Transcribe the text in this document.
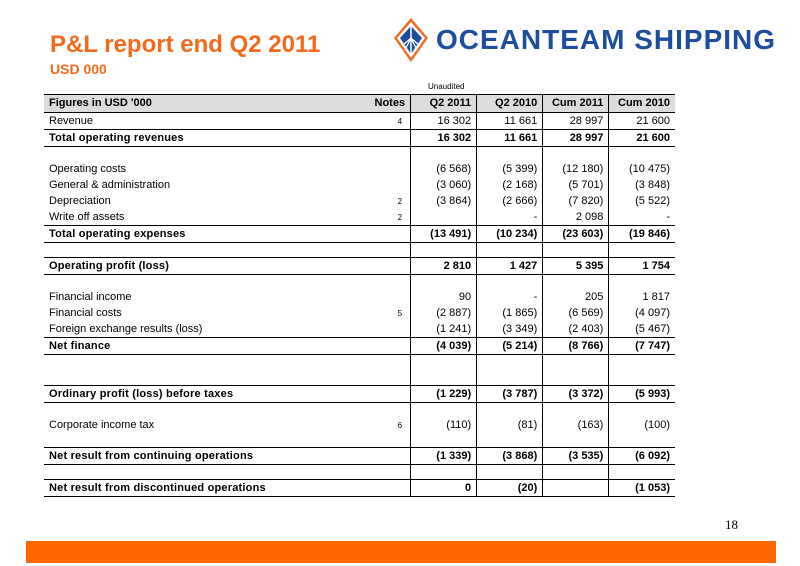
P&L report end Q2 2011
USD 000
OCEANTEAM SHIPPING
Unaudited
Figures in USD '000	Notes	Q2 2011	Q2 2010	Cum 2011	Cum 2010
Revenue	4	16 302	11 661	28 997	21 600
Total operating revenues		16 302	11 661	28 997	21 600

Operating costs		(6 568)	(5 399)	(12 180)	(10 475)
General & administration		(3 060)	(2 168)	(5 701)	(3 848)
Depreciation	2	(3 864)	(2 666)	(7 820)	(5 522)
Write off assets	2		-	2 098	-
Total operating expenses		(13 491)	(10 234)	(23 603)	(19 846)

Operating profit (loss)		2 810	1 427	5 395	1 754

Financial income		90	-	205	1 817
Financial costs	5	(2 887)	(1 865)	(6 569)	(4 097)
Foreign exchange results (loss)		(1 241)	(3 349)	(2 403)	(5 467)
Net finance		(4 039)	(5 214)	(8 766)	(7 747)

Ordinary profit (loss) before taxes		(1 229)	(3 787)	(3 372)	(5 993)

Corporate income tax	6	(110)	(81)	(163)	(100)

Net result from continuing operations		(1 339)	(3 868)	(3 535)	(6 092)

Net result from discontinued operations		0	(20)		(1 053)
18
